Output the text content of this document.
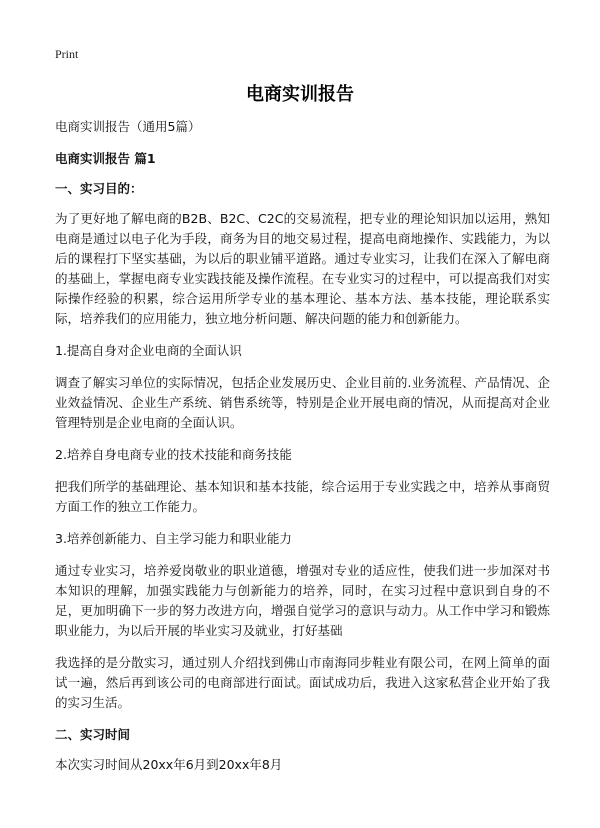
Print
电商实训报告

电商实训报告（通用5篇）

电商实训报告 篇1

一、实习目的：

为了更好地了解电商的B2B、B2C、C2C的交易流程，把专业的理论知识加以运用，熟知电商是通过以电子化为手段，商务为目的地交易过程，提高电商地操作、实践能力，为以后的课程打下坚实基础，为以后的职业铺平道路。通过专业实习，让我们在深入了解电商的基础上，掌握电商专业实践技能及操作流程。在专业实习的过程中，可以提高我们对实际操作经验的积累，综合运用所学专业的基本理论、基本方法、基本技能，理论联系实际，培养我们的应用能力，独立地分析问题、解决问题的能力和创新能力。

1.提高自身对企业电商的全面认识

调查了解实习单位的实际情况，包括企业发展历史、企业目前的.业务流程、产品情况、企业效益情况、企业生产系统、销售系统等，特别是企业开展电商的情况，从而提高对企业管理特别是企业电商的全面认识。

2.培养自身电商专业的技术技能和商务技能

把我们所学的基础理论、基本知识和基本技能，综合运用于专业实践之中，培养从事商贸方面工作的独立工作能力。

3.培养创新能力、自主学习能力和职业能力

通过专业实习，培养爱岗敬业的职业道德，增强对专业的适应性，使我们进一步加深对书本知识的理解，加强实践能力与创新能力的培养，同时，在实习过程中意识到自身的不足，更加明确下一步的努力改进方向，增强自觉学习的意识与动力。从工作中学习和锻炼职业能力，为以后开展的毕业实习及就业，打好基础

我选择的是分散实习，通过别人介绍找到佛山市南海同步鞋业有限公司，在网上简单的面试一遍，然后再到该公司的电商部进行面试。面试成功后，我进入这家私营企业开始了我的实习生活。

二、实习时间

本次实习时间从20xx年6月到20xx年8月
